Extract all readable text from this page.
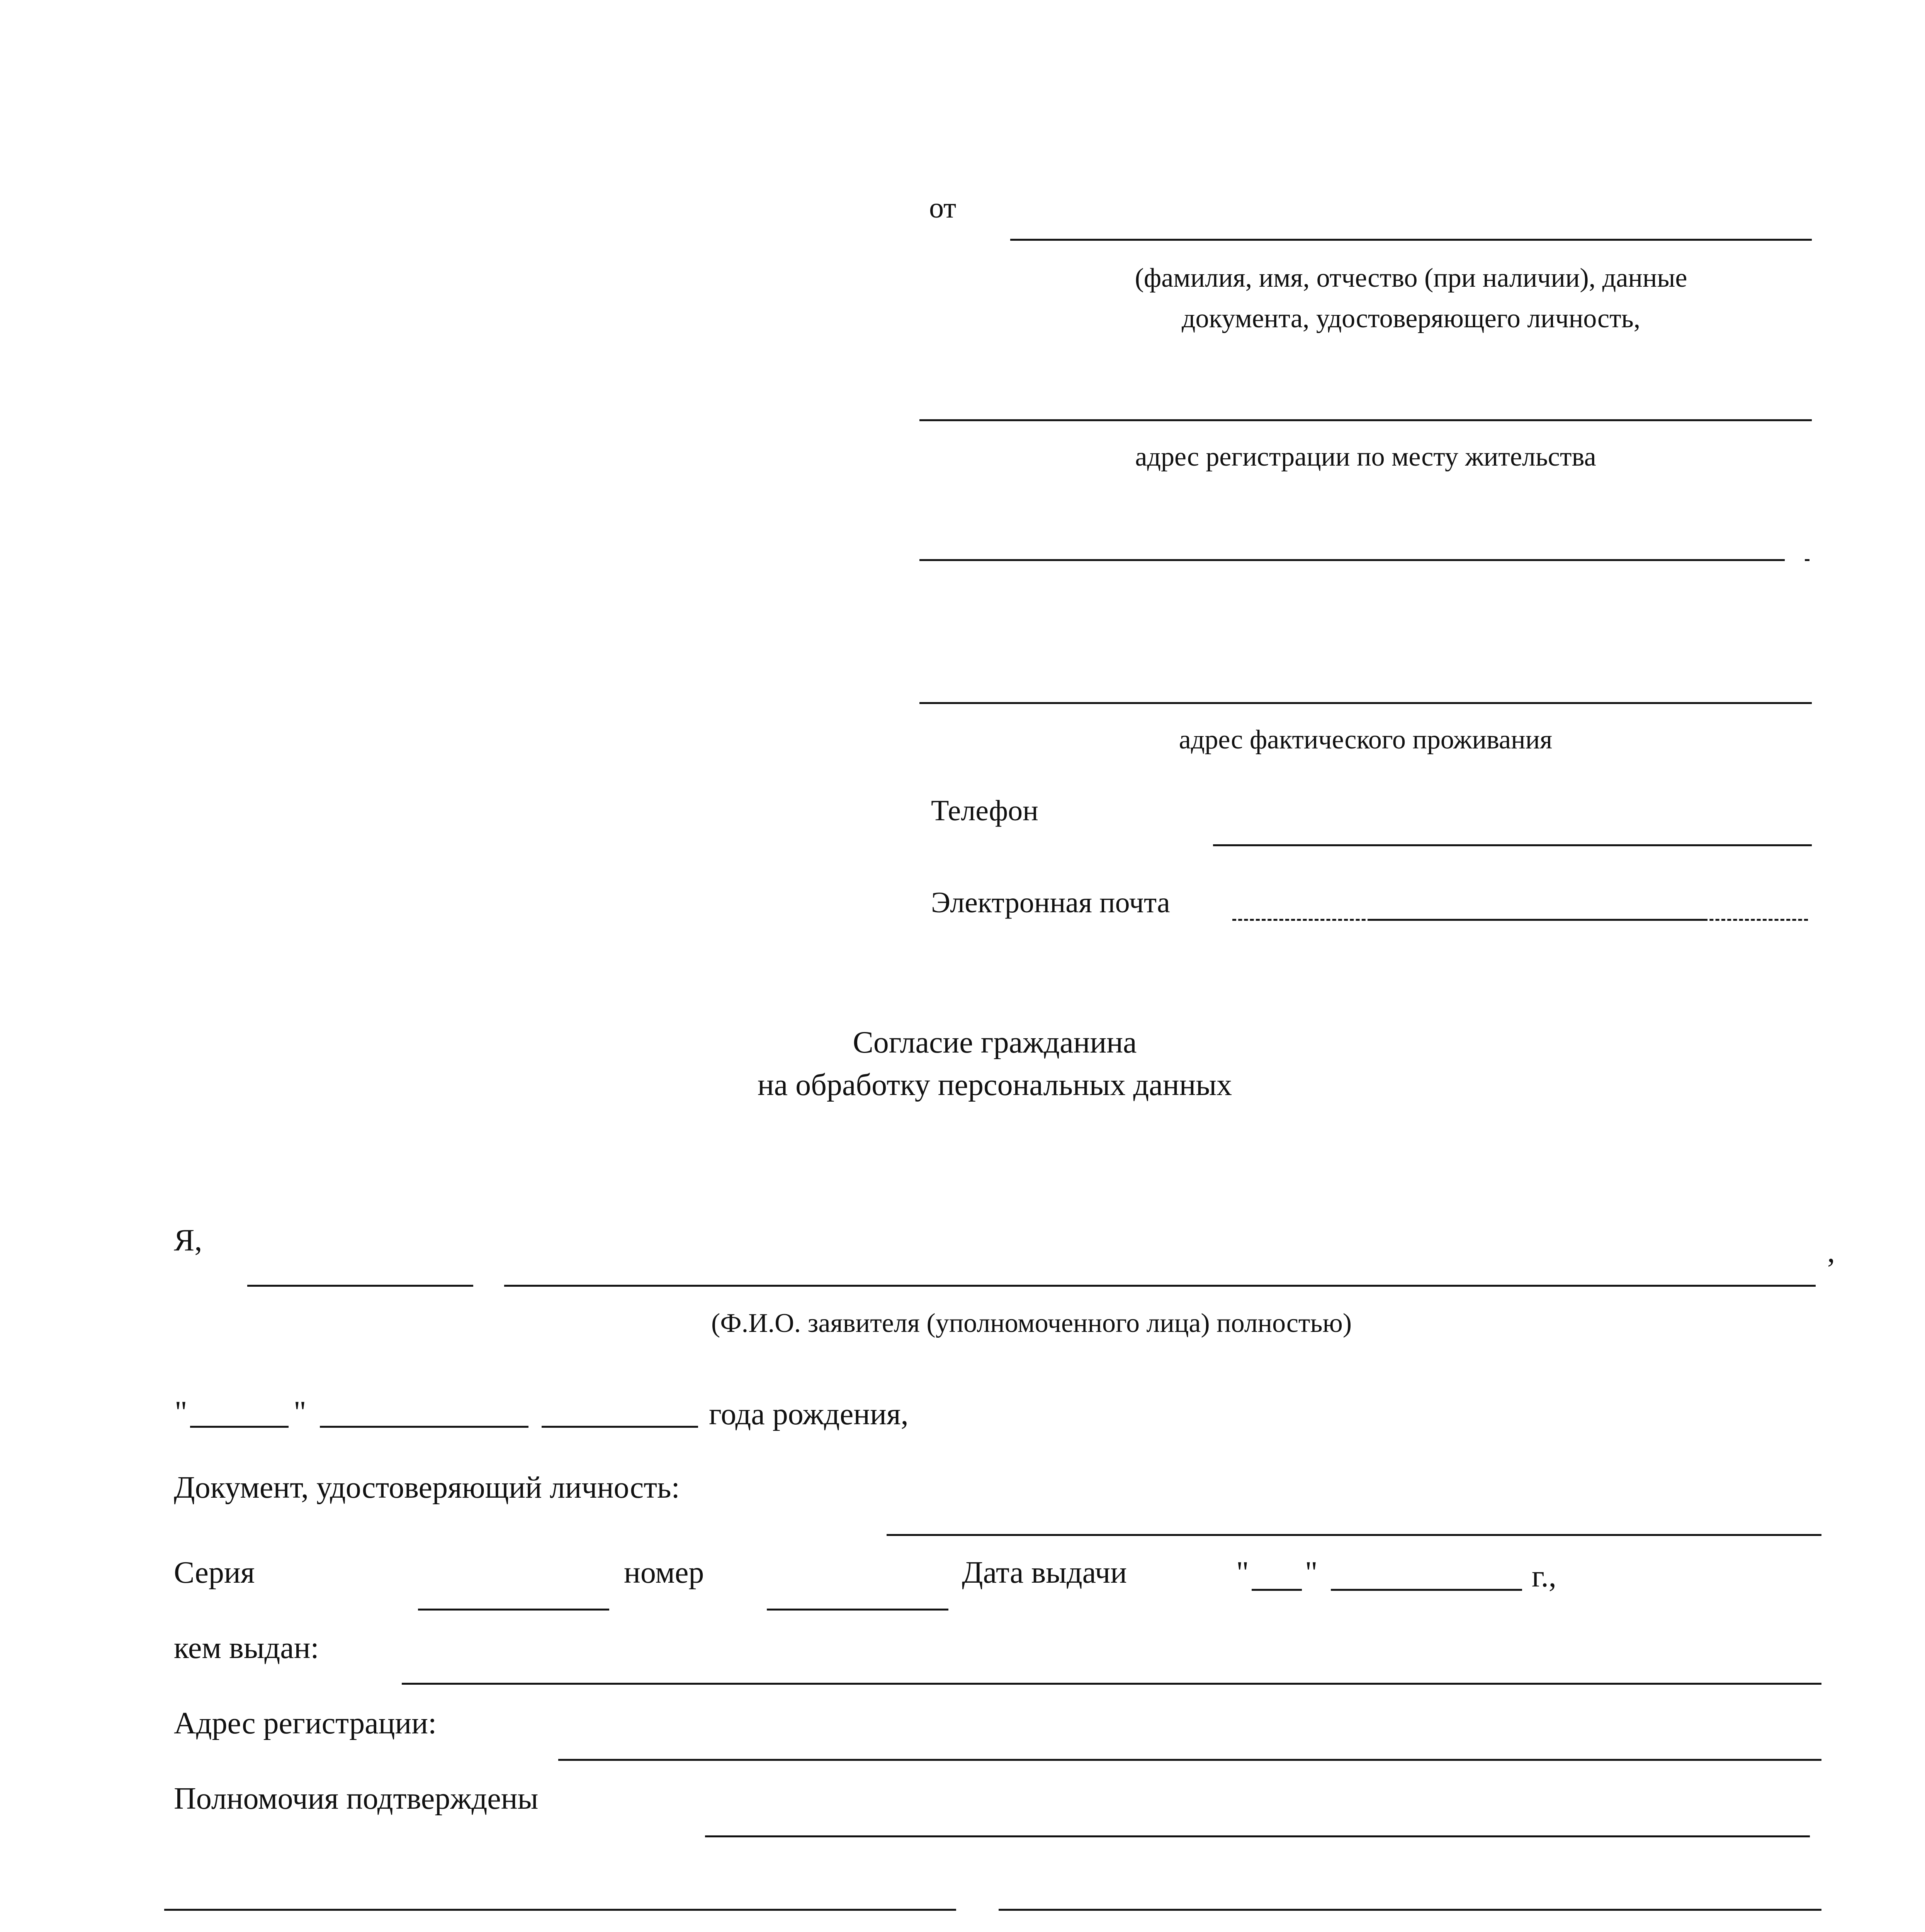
от
(фамилия, имя, отчество (при наличии), данные
документа, удостоверяющего личность,
адрес регистрации по месту жительства
адрес фактического проживания
Телефон
Электронная почта
Согласие гражданина
на обработку персональных данных
Я,	,
(Ф.И.О. заявителя (уполномоченного лица) полностью)
"	"	года рождения,
Документ, удостоверяющий личность:
Серия	номер	Дата выдачи	" "	г.,
кем выдан:
Адрес регистрации:
Полномочия подтверждены
